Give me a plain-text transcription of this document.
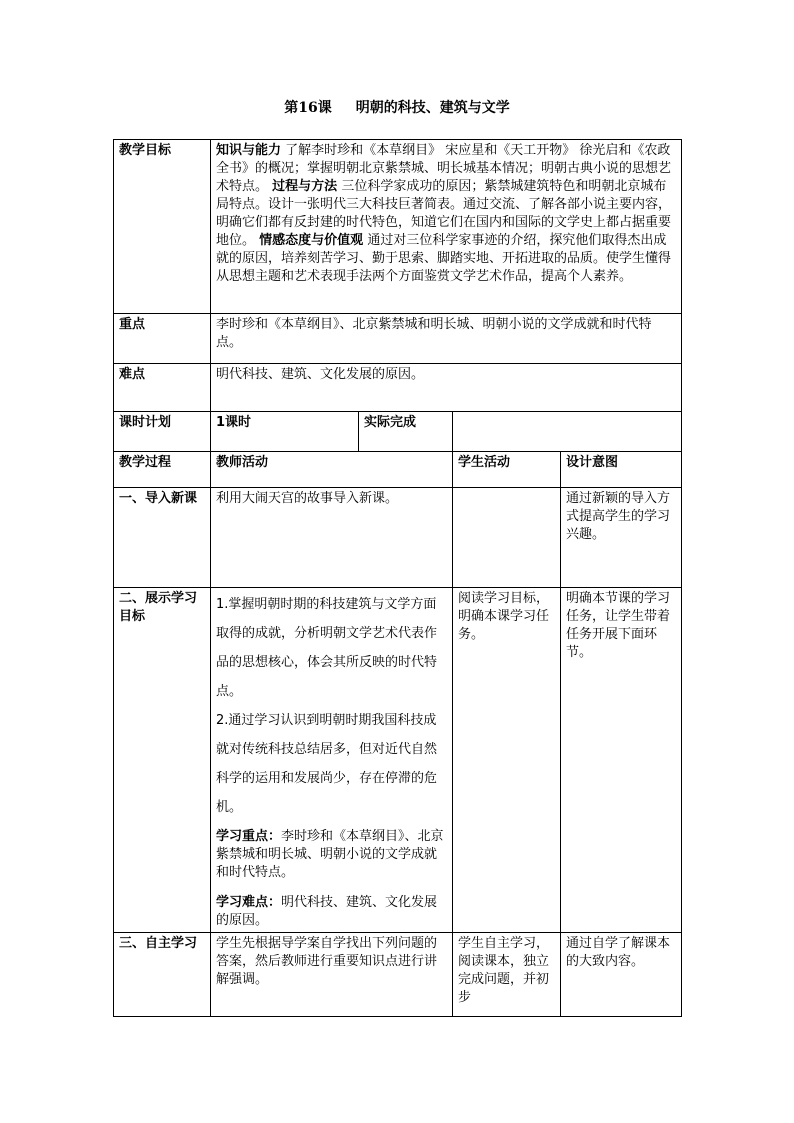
第16课 明朝的科技、建筑与文学
教学目标	知识与能力 了解李时珍和《本草纲目》 宋应星和《天工开物》 徐光启和《农政全书》的概况；掌握明朝北京紫禁城、明长城基本情况；明朝古典小说的思想艺术特点。 过程与方法 三位科学家成功的原因；紫禁城建筑特色和明朝北京城布局特点。设计一张明代三大科技巨著简表。通过交流、了解各部小说主要内容，明确它们都有反封建的时代特色，知道它们在国内和国际的文学史上都占据重要地位。 情感态度与价值观 通过对三位科学家事迹的介绍，探究他们取得杰出成就的原因，培养刻苦学习、勤于思索、脚踏实地、开拓进取的品质。使学生懂得从思想主题和艺术表现手法两个方面鉴赏文学艺术作品，提高个人素养。			
重点	李时珍和《本草纲目》、北京紫禁城和明长城、明朝小说的文学成就和时代特点。			
难点	明代科技、建筑、文化发展的原因。			
课时计划	1课时	实际完成		
教学过程	教师活动		学生活动	设计意图
一、导入新课	利用大闹天宫的故事导入新课。			通过新颖的导入方式提高学生的学习兴趣。
二、展示学习目标	1.掌握明朝时期的科技建筑与文学方面取得的成就，分析明朝文学艺术代表作品的思想核心，体会其所反映的时代特点。
2.通过学习认识到明朝时期我国科技成就对传统科技总结居多，但对近代自然科学的运用和发展尚少，存在停滞的危机。
学习重点：李时珍和《本草纲目》、北京紫禁城和明长城、明朝小说的文学成就和时代特点。
学习难点：明代科技、建筑、文化发展的原因。		阅读学习目标，明确本课学习任务。	明确本节课的学习任务，让学生带着任务开展下面环节。
三、自主学习	学生先根据导学案自学找出下列问题的答案，然后教师进行重要知识点进行讲解强调。		学生自主学习，阅读课本，独立完成问题，并初步	通过自学了解课本的大致内容。
